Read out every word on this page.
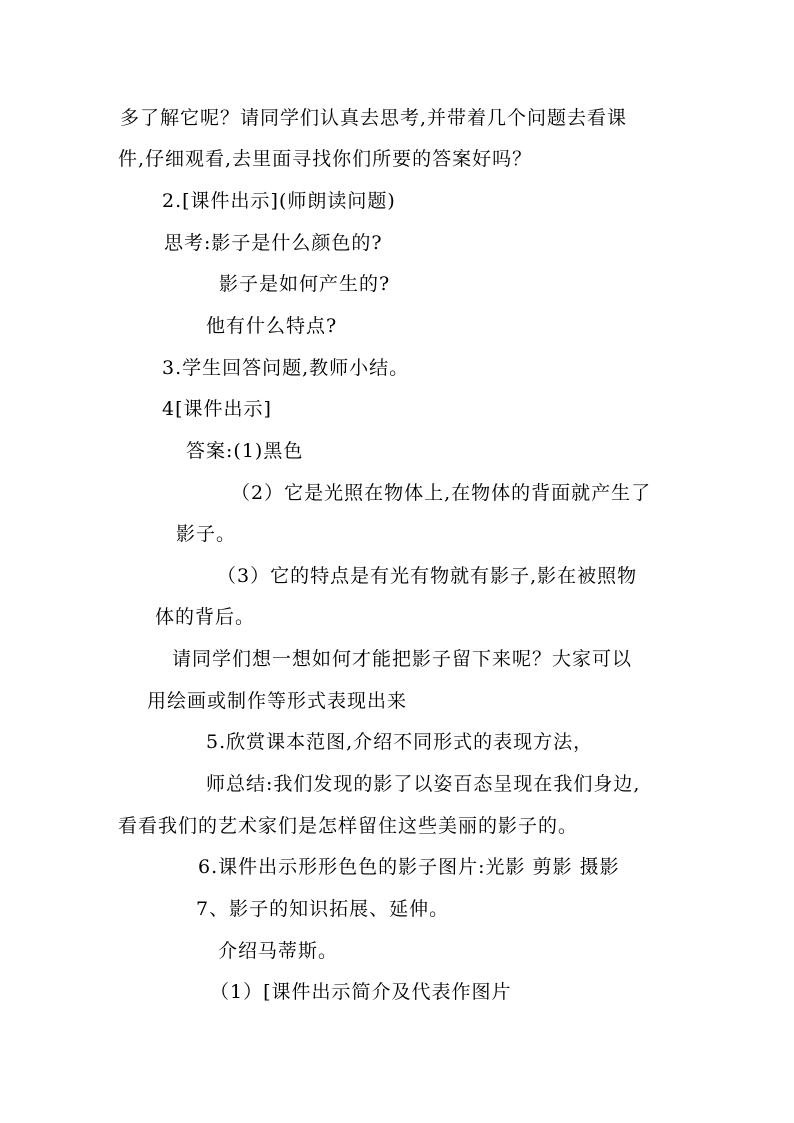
多了解它呢？请同学们认真去思考,并带着几个问题去看课
件,仔细观看,去里面寻找你们所要的答案好吗？
2.[课件出示](师朗读问题)
思考:影子是什么颜色的?
影子是如何产生的?
他有什么特点?
3.学生回答问题,教师小结。
4[课件出示]
答案:(1)黑色
（2）它是光照在物体上,在物体的背面就产生了
影子。
（3）它的特点是有光有物就有影子,影在被照物
体的背后。
请同学们想一想如何才能把影子留下来呢？大家可以
用绘画或制作等形式表现出来
5.欣赏课本范图,介绍不同形式的表现方法，
师总结:我们发现的影了以姿百态呈现在我们身边,
看看我们的艺术家们是怎样留住这些美丽的影子的。
6.课件出示形形色色的影子图片:光影 剪影 摄影
7、影子的知识拓展、延伸。
介绍马蒂斯。
（1）[课件出示简介及代表作图片
